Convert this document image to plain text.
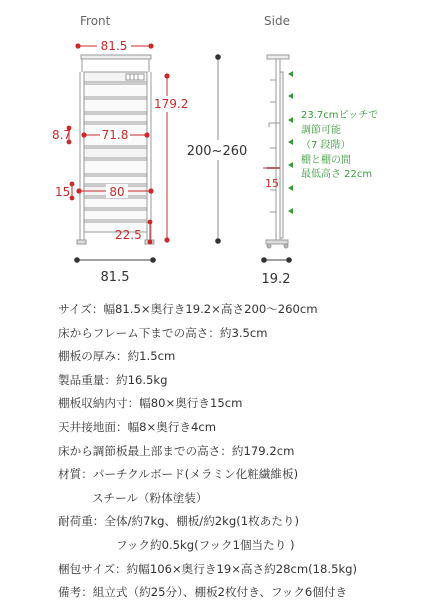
Front	Side
81.5
179.2
71.8
8.7
80
15
22.5
81.5
200~260
23.7cmピッチで
調節可能
（7 段階）
棚と棚の間
最低高さ 22cm
15
19.2
サイズ：幅81.5×奥行き19.2×高さ200〜260cm
床からフレーム下までの高さ：約3.5cm
棚板の厚み：約1.5cm
製品重量：約16.5kg
棚板収納内寸：幅80×奥行き15cm
天井接地面：幅8×奥行き4cm
床から調節板最上部までの高さ：約179.2cm
材質：パーチクルボード(メラミン化粧繊維板)
スチール（粉体塗装）
耐荷重：全体/約7kg、棚板/約2kg(1枚あたり)
フック約0.5kg(フック1個当たり )
梱包サイズ：約幅106×奥行き19×高さ約28cm(18.5kg)
備考：組立式（約25分）、棚板2枚付き、フック6個付き
